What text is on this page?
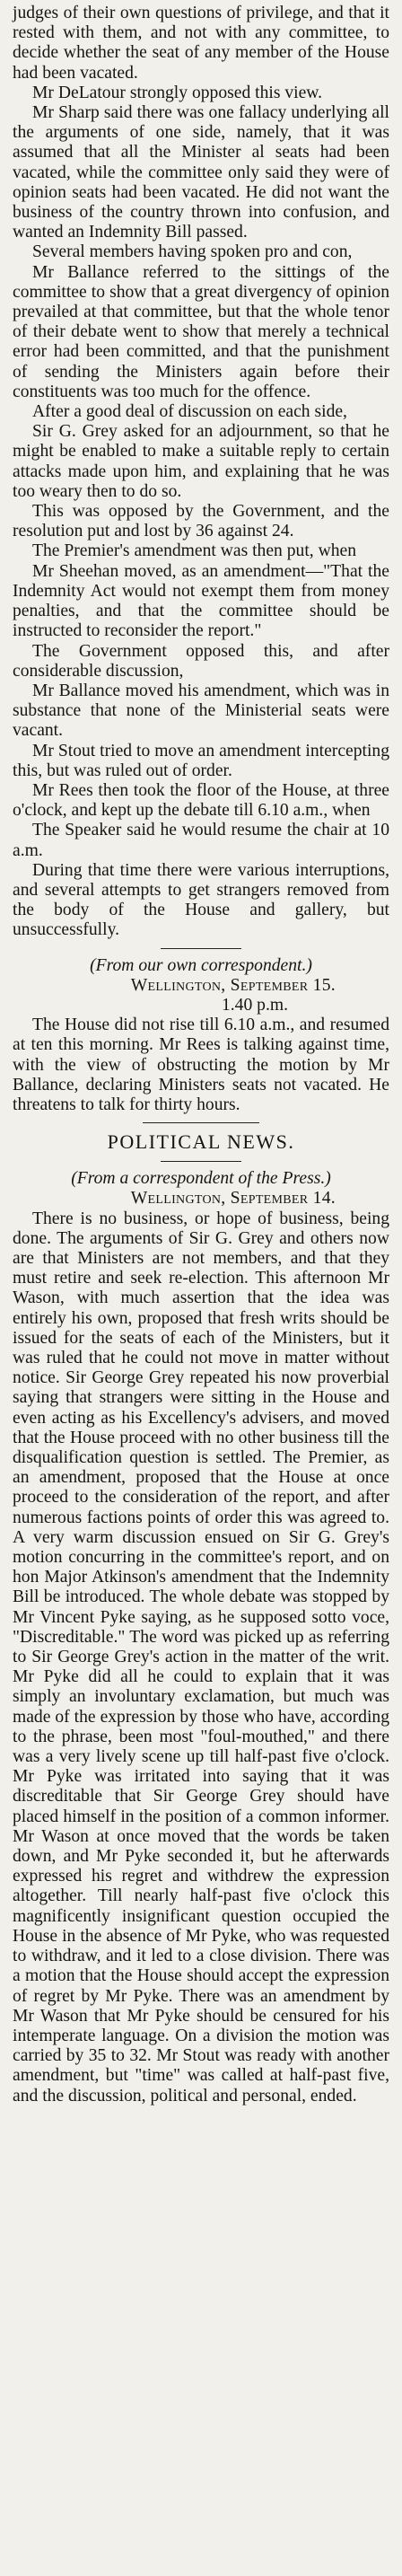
judges of their own questions of privilege, and that it rested with them, and not with any committee, to decide whether the seat of any member of the House had been vacated.

Mr DeLatour strongly opposed this view.

Mr Sharp said there was one fallacy underlying all the arguments of one side, namely, that it was assumed that all the Minister al seats had been vacated, while the committee only said they were of opinion seats had been vacated. He did not want the business of the country thrown into confusion, and wanted an Indemnity Bill passed.

Several members having spoken pro and con,

Mr Ballance referred to the sittings of the committee to show that a great divergency of opinion prevailed at that committee, but that the whole tenor of their debate went to show that merely a technical error had been committed, and that the punishment of sending the Ministers again before their constituents was too much for the offence.

After a good deal of discussion on each side,

Sir G. Grey asked for an adjournment, so that he might be enabled to make a suitable reply to certain attacks made upon him, and explaining that he was too weary then to do so.

This was opposed by the Government, and the resolution put and lost by 36 against 24.

The Premier's amendment was then put, when

Mr Sheehan moved, as an amendment—"That the Indemnity Act would not exempt them from money penalties, and that the committee should be instructed to reconsider the report."

The Government opposed this, and after considerable discussion,

Mr Ballance moved his amendment, which was in substance that none of the Ministerial seats were vacant.

Mr Stout tried to move an amendment intercepting this, but was ruled out of order.

Mr Rees then took the floor of the House, at three o'clock, and kept up the debate till 6.10 a.m., when

The Speaker said he would resume the chair at 10 a.m.

During that time there were various interruptions, and several attempts to get strangers removed from the body of the House and gallery, but unsuccessfully.

(From our own correspondent.)
Wellington, September 15.
1.40 p.m.

The House did not rise till 6.10 a.m., and resumed at ten this morning. Mr Rees is talking against time, with the view of obstructing the motion by Mr Ballance, declaring Ministers seats not vacated. He threatens to talk for thirty hours.

POLITICAL NEWS.
(From a correspondent of the Press.)
Wellington, September 14.

There is no business, or hope of business, being done. The arguments of Sir G. Grey and others now are that Ministers are not members, and that they must retire and seek re-election. This afternoon Mr Wason, with much assertion that the idea was entirely his own, proposed that fresh writs should be issued for the seats of each of the Ministers, but it was ruled that he could not move in matter without notice. Sir George Grey repeated his now proverbial saying that strangers were sitting in the House and even acting as his Excellency's advisers, and moved that the House proceed with no other business till the disqualification question is settled. The Premier, as an amendment, proposed that the House at once proceed to the consideration of the report, and after numerous factions points of order this was agreed to. A very warm discussion ensued on Sir G. Grey's motion concurring in the committee's report, and on hon Major Atkinson's amendment that the Indemnity Bill be introduced. The whole debate was stopped by Mr Vincent Pyke saying, as he supposed sotto voce, "Discreditable." The word was picked up as referring to Sir George Grey's action in the matter of the writ. Mr Pyke did all he could to explain that it was simply an involuntary exclamation, but much was made of the expression by those who have, according to the phrase, been most "foul-mouthed," and there was a very lively scene up till half-past five o'clock. Mr Pyke was irritated into saying that it was discreditable that Sir George Grey should have placed himself in the position of a common informer. Mr Wason at once moved that the words be taken down, and Mr Pyke seconded it, but he afterwards expressed his regret and withdrew the expression altogether. Till nearly half-past five o'clock this magnificently insignificant question occupied the House in the absence of Mr Pyke, who was requested to withdraw, and it led to a close division. There was a motion that the House should accept the expression of regret by Mr Pyke. There was an amendment by Mr Wason that Mr Pyke should be censured for his intemperate language. On a division the motion was carried by 35 to 32. Mr Stout was ready with another amendment, but "time" was called at half-past five, and the discussion, political and personal, ended.
